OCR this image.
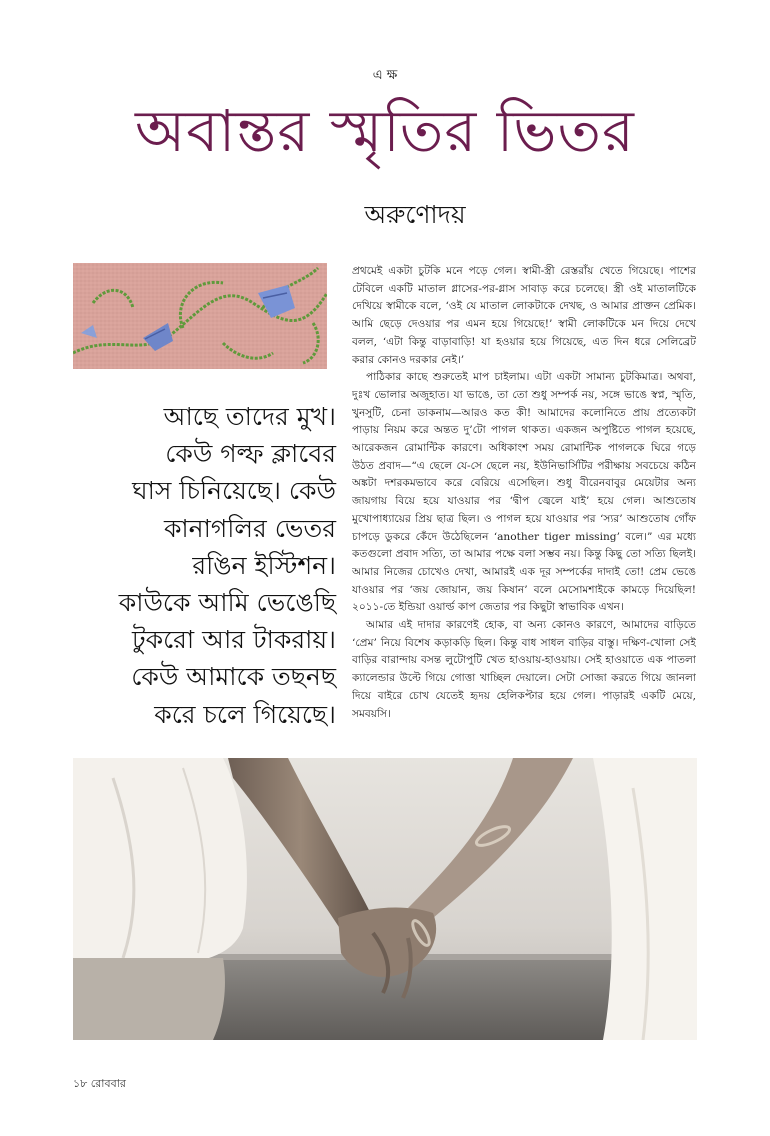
এ ক্ষ
অবান্তর স্মৃতির ভিতর
অরুণোদয়
আছে তাদের মুখ।
কেউ গল্ফ ক্লাবের
ঘাস চিনিয়েছে। কেউ
কানাগলির ভেতর
রঙিন ইস্টিশন।
কাউকে আমি ভেঙেছি
টুকরো আর টাকরায়।
কেউ আমাকে তছনছ
করে চলে গিয়েছে।

প্রথমেই একটা চুটকি মনে পড়ে গেল। স্বামী-স্ত্রী রেস্তরাঁয় খেতে গিয়েছে। পাশের টেবিলে একটি মাতাল গ্লাসের-পর-গ্লাস সাবাড় করে চলেছে। স্ত্রী ওই মাতালটিকে দেখিয়ে স্বামীকে বলে, ‘ওই যে মাতাল লোকটাকে দেখছ, ও আমার প্রাক্তন প্রেমিক। আমি ছেড়ে দেওয়ার পর এমন হয়ে গিয়েছে!’ স্বামী লোকটিকে মন দিয়ে দেখে বলল, ‘এটা কিন্তু বাড়াবাড়ি! যা হওয়ার হয়ে গিয়েছে, এত দিন ধরে সেলিব্রেট করার কোনও দরকার নেই।’

পাঠিকার কাছে শুরুতেই মাপ চাইলাম। এটা একটা সামান্য চুটকিমাত্র। অথবা, দুঃখ ভোলার অজুহাত। যা ভাঙে, তা তো শুধু সম্পর্ক নয়, সঙ্গে ভাঙে স্বপ্ন, স্মৃতি, খুনসুটি, চেনা ডাকনাম—আরও কত কী! আমাদের কলোনিতে প্রায় প্রত্যেকটা পাড়ায় নিয়ম করে অন্তত দু’টো পাগল থাকত। একজন অপুষ্টিতে পাগল হয়েছে, আরেকজন রোমান্টিক কারণে। অধিকাংশ সময় রোমান্টিক পাগলকে ঘিরে গড়ে উঠত প্রবাদ—“এ ছেলে যে-সে ছেলে নয়, ইউনিভার্সিটির পরীক্ষায় সবচেয়ে কঠিন অঙ্কটা দশরকমভাবে করে বেরিয়ে এসেছিল। শুধু বীরেনবাবুর মেয়েটার অন্য জায়গায় বিয়ে হয়ে যাওয়ার পর ‘দ্বীপ জ্বেলে যাই’ হয়ে গেল। আশুতোষ মুখোপাধ্যায়ের প্রিয় ছাত্র ছিল। ও পাগল হয়ে যাওয়ার পর ‘স্যর’ আশুতোষ গোঁফ চাপড়ে ডুকরে কেঁদে উঠেছিলেন ‘another tiger missing’ বলে।” এর মধ্যে কতগুলো প্রবাদ সত্যি, তা আমার পক্ষে বলা সম্ভব নয়। কিন্তু কিছু তো সত্যি ছিলই। আমার নিজের চোখেও দেখা, আমারই এক দূর সম্পর্কের দাদাই তো! প্রেম ভেঙে যাওয়ার পর ‘জয় জোয়ান, জয় কিষান’ বলে মেসোমশাইকে কামড়ে দিয়েছিল! ২০১১-তে ইন্ডিয়া ওয়ার্ল্ড কাপ জেতার পর কিছুটা স্বাভাবিক এখন।

আমার এই দাদার কারণেই হোক, বা অন্য কোনও কারণে, আমাদের বাড়িতে ‘প্রেম’ নিয়ে বিশেষ কড়াকড়ি ছিল। কিন্তু বাধ সাধল বাড়ির বাস্তু। দক্ষিণ-খোলা সেই বাড়ির বারান্দায় বসন্ত লুটোপুটি খেত হাওয়ায়-হাওয়ায়। সেই হাওয়াতে এক পাতলা ক্যালেন্ডার উল্টে গিয়ে গোত্তা খাচ্ছিল দেয়ালে। সেটা সোজা করতে গিয়ে জানলা দিয়ে বাইরে চোখ যেতেই হৃদয় হেলিকপ্টার হয়ে গেল। পাড়ারই একটি মেয়ে, সমবয়সি।

১৮ রোববার
